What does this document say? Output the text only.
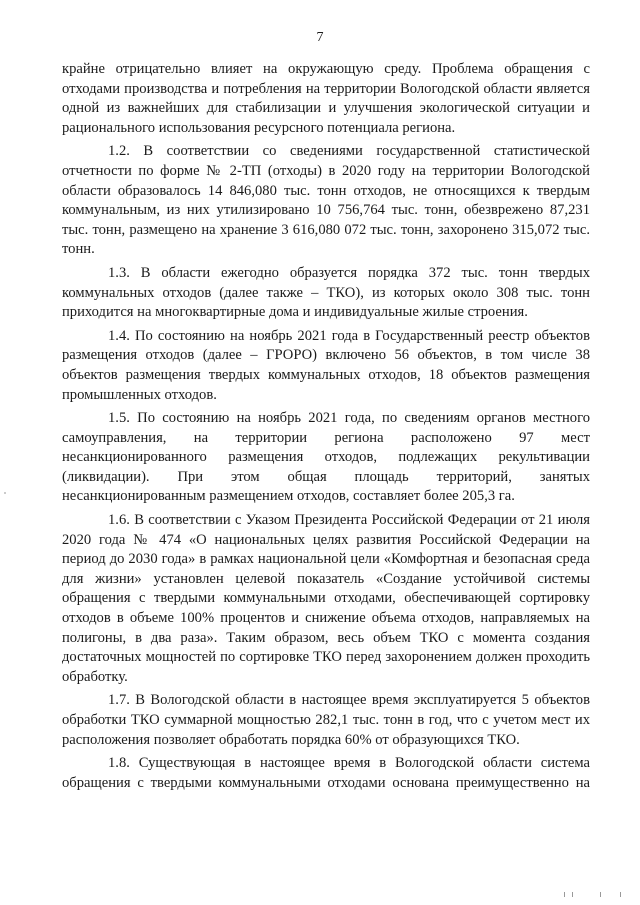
7

крайне отрицательно влияет на окружающую среду. Проблема обращения с отходами производства и потребления на территории Вологодской области является одной из важнейших для стабилизации и улучшения экологической ситуации и рационального использования ресурсного потенциала региона.

1.2. В соответствии со сведениями государственной статистической отчетности по форме № 2-ТП (отходы) в 2020 году на территории Вологодской области образовалось 14 846,080 тыс. тонн отходов, не относящихся к твердым коммунальным, из них утилизировано 10 756,764 тыс. тонн, обезврежено 87,231 тыс. тонн, размещено на хранение 3 616,080 072 тыс. тонн, захоронено 315,072 тыс. тонн.

1.3. В области ежегодно образуется порядка 372 тыс. тонн твердых коммунальных отходов (далее также – ТКО), из которых около 308 тыс. тонн приходится на многоквартирные дома и индивидуальные жилые строения.

1.4. По состоянию на ноябрь 2021 года в Государственный реестр объектов размещения отходов (далее – ГРОРО) включено 56 объектов, в том числе 38 объектов размещения твердых коммунальных отходов, 18 объектов размещения промышленных отходов.

1.5. По состоянию на ноябрь 2021 года, по сведениям органов местного самоуправления, на территории региона расположено 97 мест несанкционированного размещения отходов, подлежащих рекультивации (ликвидации). При этом общая площадь территорий, занятых несанкционированным размещением отходов, составляет более 205,3 га.

1.6. В соответствии с Указом Президента Российской Федерации от 21 июля 2020 года № 474 «О национальных целях развития Российской Федерации на период до 2030 года» в рамках национальной цели «Комфортная и безопасная среда для жизни» установлен целевой показатель «Создание устойчивой системы обращения с твердыми коммунальными отходами, обеспечивающей сортировку отходов в объеме 100% процентов и снижение объема отходов, направляемых на полигоны, в два раза». Таким образом, весь объем ТКО с момента создания достаточных мощностей по сортировке ТКО перед захоронением должен проходить обработку.

1.7. В Вологодской области в настоящее время эксплуатируется 5 объектов обработки ТКО суммарной мощностью 282,1 тыс. тонн в год, что с учетом мест их расположения позволяет обработать порядка 60% от образующихся ТКО.

1.8. Существующая в настоящее время в Вологодской области система обращения с твердыми коммунальными отходами основана преимущественно на
